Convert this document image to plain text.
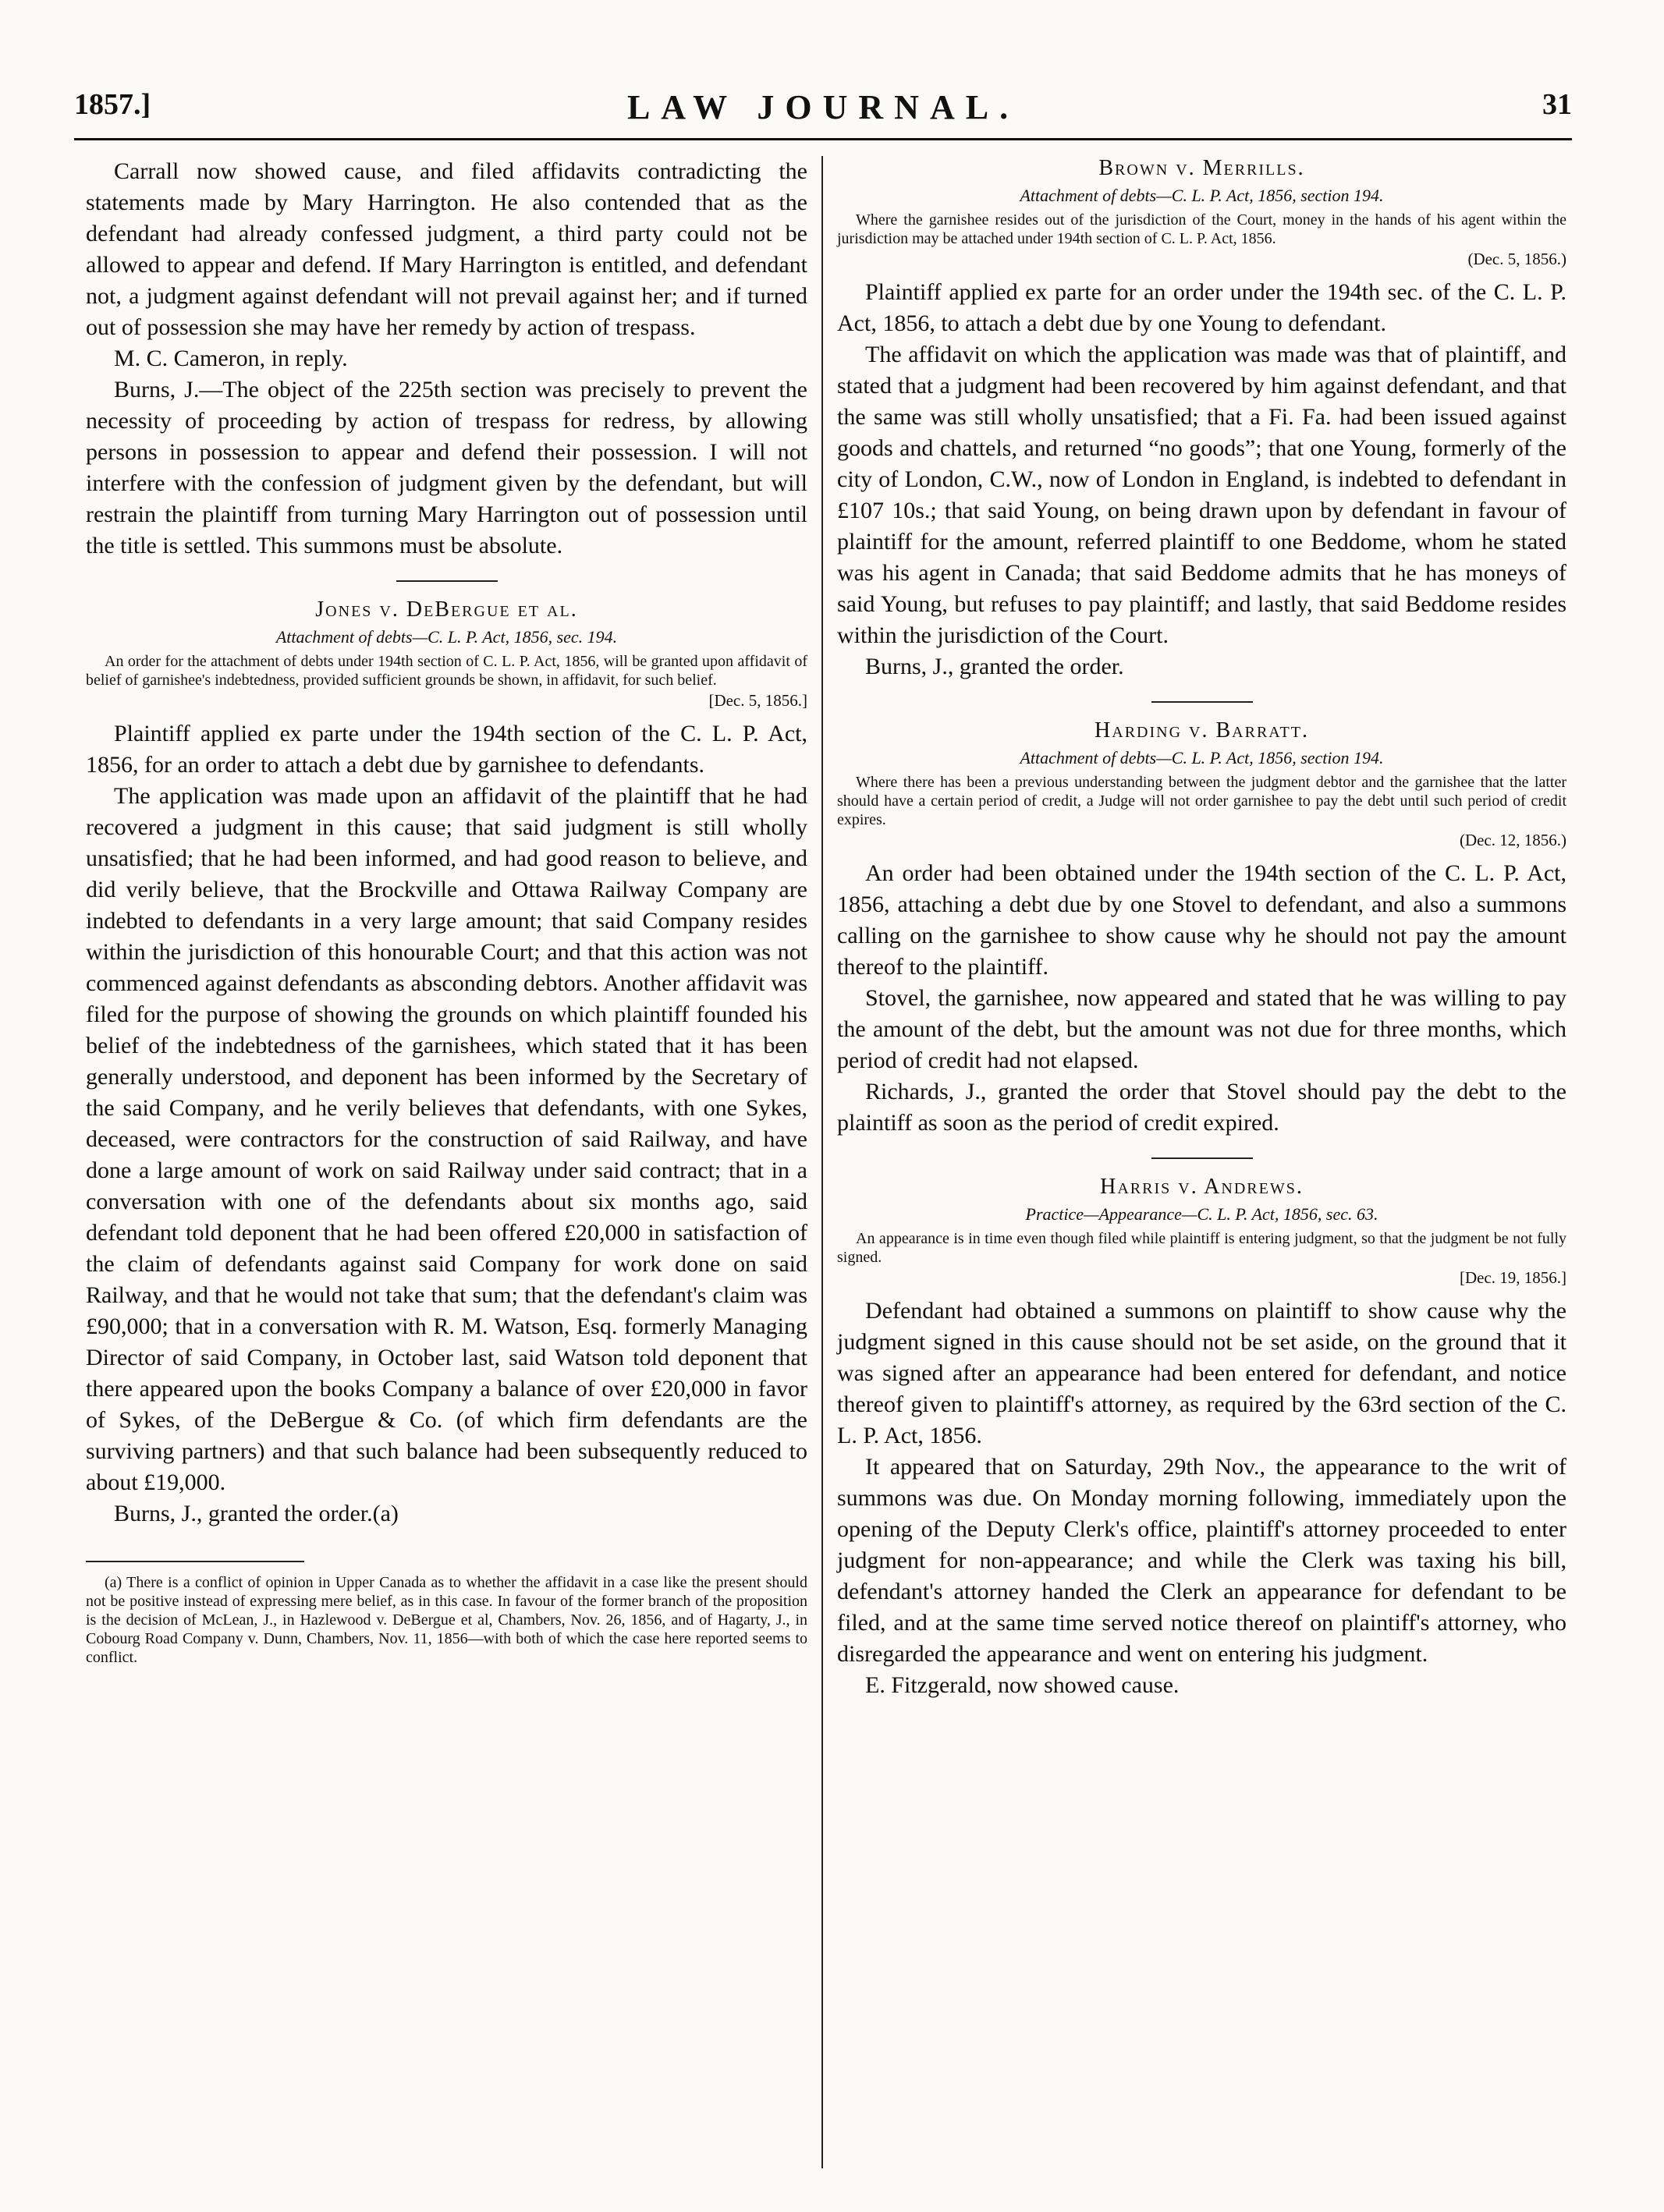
1857.]	LAW JOURNAL.	31

Carrall now showed cause, and filed affidavits contradicting the statements made by Mary Harrington. He also contended that as the defendant had already confessed judgment, a third party could not be allowed to appear and defend. If Mary Harrington is entitled, and defendant not, a judgment against defendant will not prevail against her; and if turned out of possession she may have her remedy by action of trespass.

M. C. Cameron, in reply.

Burns, J.—The object of the 225th section was precisely to prevent the necessity of proceeding by action of trespass for redress, by allowing persons in possession to appear and defend their possession. I will not interfere with the confession of judgment given by the defendant, but will restrain the plaintiff from turning Mary Harrington out of possession until the title is settled. This summons must be absolute.

Jones v. DeBergue et al.
Attachment of debts—C. L. P. Act, 1856, sec. 194.

An order for the attachment of debts under 194th section of C. L. P. Act, 1856, will be granted upon affidavit of belief of garnishee's indebtedness, provided sufficient grounds be shown, in affidavit, for such belief.

[Dec. 5, 1856.]

Plaintiff applied ex parte under the 194th section of the C. L. P. Act, 1856, for an order to attach a debt due by garnishee to defendants.

The application was made upon an affidavit of the plaintiff that he had recovered a judgment in this cause; that said judgment is still wholly unsatisfied; that he had been informed, and had good reason to believe, and did verily believe, that the Brockville and Ottawa Railway Company are indebted to defendants in a very large amount; that said Company resides within the jurisdiction of this honourable Court; and that this action was not commenced against defendants as absconding debtors. Another affidavit was filed for the purpose of showing the grounds on which plaintiff founded his belief of the indebtedness of the garnishees, which stated that it has been generally understood, and deponent has been informed by the Secretary of the said Company, and he verily believes that defendants, with one Sykes, deceased, were contractors for the construction of said Railway, and have done a large amount of work on said Railway under said contract; that in a conversation with one of the defendants about six months ago, said defendant told deponent that he had been offered £20,000 in satisfaction of the claim of defendants against said Company for work done on said Railway, and that he would not take that sum; that the defendant's claim was £90,000; that in a conversation with R. M. Watson, Esq. formerly Managing Director of said Company, in October last, said Watson told deponent that there appeared upon the books Company a balance of over £20,000 in favor of Sykes, of the DeBergue & Co. (of which firm defendants are the surviving partners) and that such balance had been subsequently reduced to about £19,000.

Burns, J., granted the order.(a)

(a) There is a conflict of opinion in Upper Canada as to whether the affidavit in a case like the present should not be positive instead of expressing mere belief, as in this case. In favour of the former branch of the proposition is the decision of McLean, J., in Hazlewood v. DeBergue et al, Chambers, Nov. 26, 1856, and of Hagarty, J., in Cobourg Road Company v. Dunn, Chambers, Nov. 11, 1856—with both of which the case here reported seems to conflict.

Brown v. Merrills.
Attachment of debts—C. L. P. Act, 1856, section 194.

Where the garnishee resides out of the jurisdiction of the Court, money in the hands of his agent within the jurisdiction may be attached under 194th section of C. L. P. Act, 1856.

(Dec. 5, 1856.)

Plaintiff applied ex parte for an order under the 194th sec. of the C. L. P. Act, 1856, to attach a debt due by one Young to defendant.

The affidavit on which the application was made was that of plaintiff, and stated that a judgment had been recovered by him against defendant, and that the same was still wholly unsatisfied; that a Fi. Fa. had been issued against goods and chattels, and returned “no goods”; that one Young, formerly of the city of London, C.W., now of London in England, is indebted to defendant in £107 10s.; that said Young, on being drawn upon by defendant in favour of plaintiff for the amount, referred plaintiff to one Beddome, whom he stated was his agent in Canada; that said Beddome admits that he has moneys of said Young, but refuses to pay plaintiff; and lastly, that said Beddome resides within the jurisdiction of the Court.

Burns, J., granted the order.

Harding v. Barratt.
Attachment of debts—C. L. P. Act, 1856, section 194.

Where there has been a previous understanding between the judgment debtor and the garnishee that the latter should have a certain period of credit, a Judge will not order garnishee to pay the debt until such period of credit expires.

(Dec. 12, 1856.)

An order had been obtained under the 194th section of the C. L. P. Act, 1856, attaching a debt due by one Stovel to defendant, and also a summons calling on the garnishee to show cause why he should not pay the amount thereof to the plaintiff.

Stovel, the garnishee, now appeared and stated that he was willing to pay the amount of the debt, but the amount was not due for three months, which period of credit had not elapsed.

Richards, J., granted the order that Stovel should pay the debt to the plaintiff as soon as the period of credit expired.

Harris v. Andrews.
Practice—Appearance—C. L. P. Act, 1856, sec. 63.

An appearance is in time even though filed while plaintiff is entering judgment, so that the judgment be not fully signed.

[Dec. 19, 1856.]

Defendant had obtained a summons on plaintiff to show cause why the judgment signed in this cause should not be set aside, on the ground that it was signed after an appearance had been entered for defendant, and notice thereof given to plaintiff's attorney, as required by the 63rd section of the C. L. P. Act, 1856.

It appeared that on Saturday, 29th Nov., the appearance to the writ of summons was due. On Monday morning following, immediately upon the opening of the Deputy Clerk's office, plaintiff's attorney proceeded to enter judgment for non-appearance; and while the Clerk was taxing his bill, defendant's attorney handed the Clerk an appearance for defendant to be filed, and at the same time served notice thereof on plaintiff's attorney, who disregarded the appearance and went on entering his judgment.

E. Fitzgerald, now showed cause.
